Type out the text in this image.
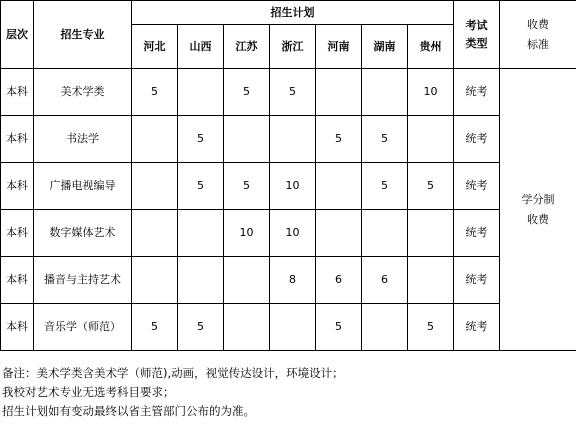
层次	招生专业	招生计划							考试类型	收费标准
		河北	山西	江苏	浙江	河南	湖南	贵州		
本科	美术学类	5		5	5			10	统考	学分制收费
本科	书法学		5			5	5		统考	
本科	广播电视编导		5	5	10		5	5	统考	
本科	数字媒体艺术			10	10				统考	
本科	播音与主持艺术				8	6	6		统考	
本科	音乐学（师范）	5	5			5		5	统考	
备注：美术学类含美术学（师范),动画，视觉传达设计，环境设计；
我校对艺术专业无选考科目要求；
招生计划如有变动最终以省主管部门公布的为准。
